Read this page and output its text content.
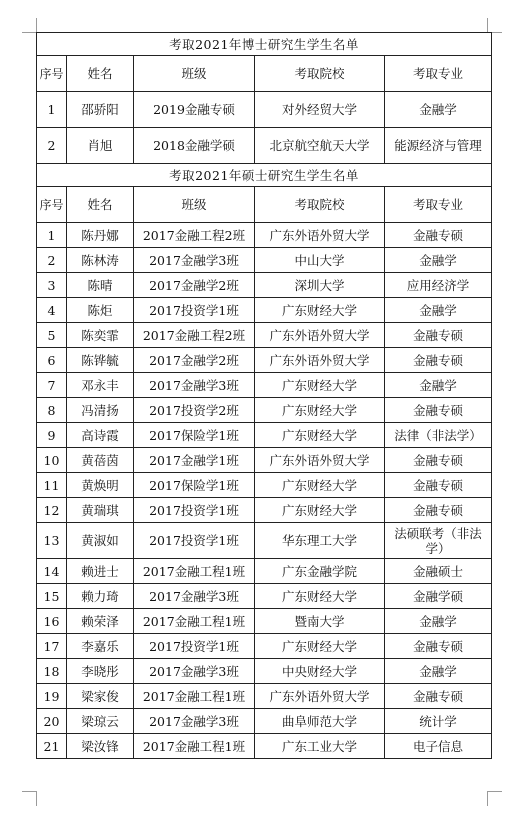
考取2021年博士研究生学生名单				
序号	姓名	班级	考取院校	考取专业
1	邵骄阳	2019金融专硕	对外经贸大学	金融学
2	肖旭	2018金融学硕	北京航空航天大学	能源经济与管理
考取2021年硕士研究生学生名单				
序号	姓名	班级	考取院校	考取专业
1	陈丹娜	2017金融工程2班	广东外语外贸大学	金融专硕
2	陈林涛	2017金融学3班	中山大学	金融学
3	陈晴	2017金融学2班	深圳大学	应用经济学
4	陈炬	2017投资学1班	广东财经大学	金融学
5	陈奕霏	2017金融工程2班	广东外语外贸大学	金融专硕
6	陈铧毓	2017金融学2班	广东外语外贸大学	金融专硕
7	邓永丰	2017金融学3班	广东财经大学	金融学
8	冯清扬	2017投资学2班	广东财经大学	金融专硕
9	高诗霞	2017保险学1班	广东财经大学	法律（非法学）
10	黄蓓茵	2017金融学1班	广东外语外贸大学	金融专硕
11	黄焕明	2017保险学1班	广东财经大学	金融专硕
12	黄瑞琪	2017投资学1班	广东财经大学	金融专硕
13	黄淑如	2017投资学1班	华东理工大学	法硕联考（非法学）
14	赖进士	2017金融工程1班	广东金融学院	金融硕士
15	赖力琦	2017金融学3班	广东财经大学	金融学硕
16	赖荣泽	2017金融工程1班	暨南大学	金融学
17	李嘉乐	2017投资学1班	广东财经大学	金融专硕
18	李晓彤	2017金融学3班	中央财经大学	金融学
19	梁家俊	2017金融工程1班	广东外语外贸大学	金融专硕
20	梁琼云	2017金融学3班	曲阜师范大学	统计学
21	梁汝锋	2017金融工程1班	广东工业大学	电子信息
